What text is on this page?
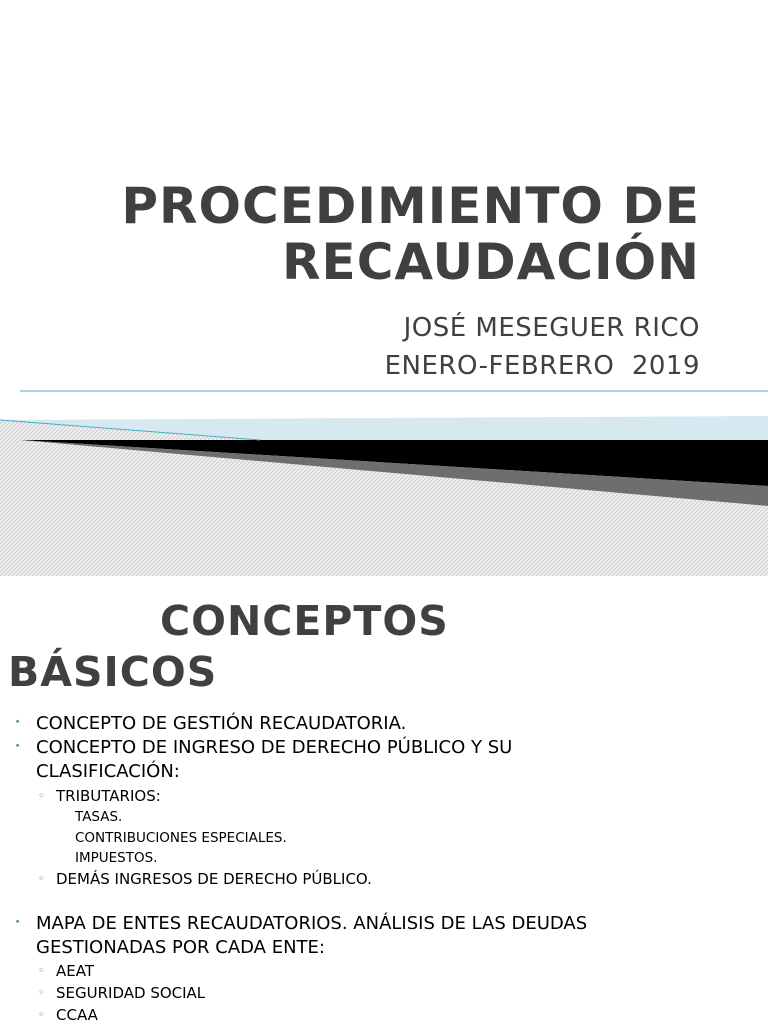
PROCEDIMIENTO DE
RECAUDACIÓN
JOSÉ MESEGUER RICO
ENERO-FEBRERO  2019
CONCEPTOS
BÁSICOS
‣ CONCEPTO DE GESTIÓN RECAUDATORIA.
‣ CONCEPTO DE INGRESO DE DERECHO PÚBLICO Y SU
CLASIFICACIÓN:
◦ TRIBUTARIOS:
TASAS.
CONTRIBUCIONES ESPECIALES.
IMPUESTOS.
◦ DEMÁS INGRESOS DE DERECHO PÚBLICO.
‣ MAPA DE ENTES RECAUDATORIOS. ANÁLISIS DE LAS DEUDAS
GESTIONADAS POR CADA ENTE:
◦ AEAT
◦ SEGURIDAD SOCIAL
◦ CCAA
